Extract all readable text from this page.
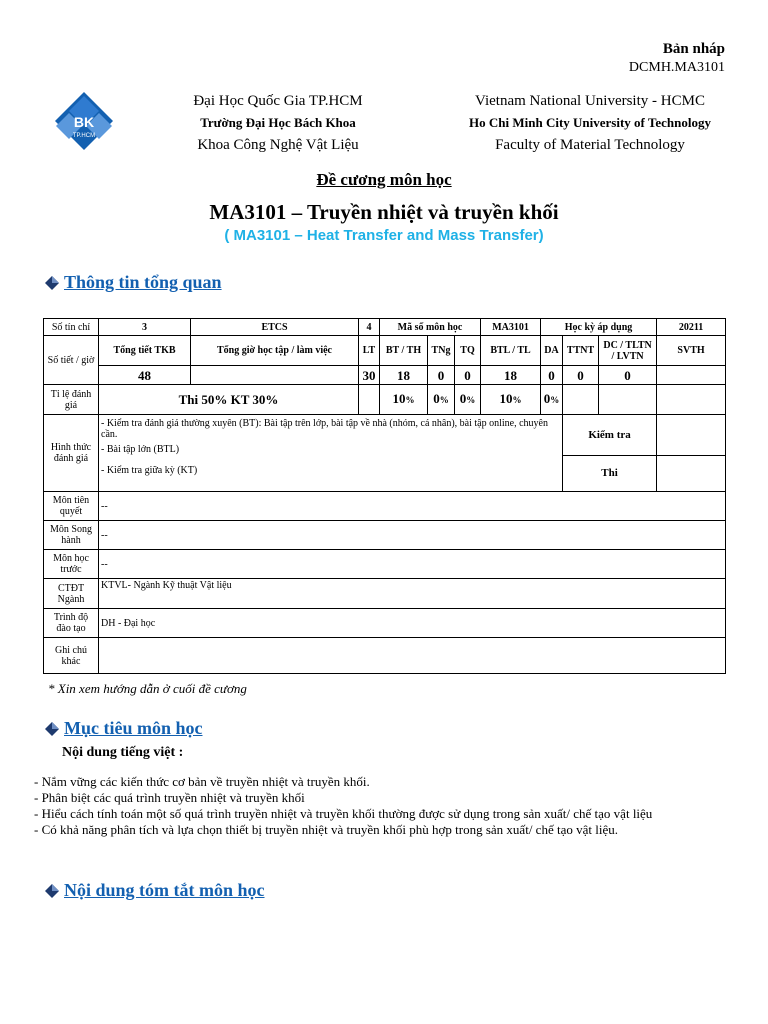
Bản nháp
DCMH.MA3101
BK
TP.HCM
Đại Học Quốc Gia TP.HCM
Trường Đại Học Bách Khoa
Khoa Công Nghệ Vật Liệu
Vietnam National University - HCMC
Ho Chi Minh City University of Technology
Faculty of Material Technology
Đề cương môn học
MA3101 – Truyền nhiệt và truyền khối
( MA3101 – Heat Transfer and Mass Transfer)
Thông tin tổng quan
Số tín chỉ	3	ETCS	4	Mã số môn học			MA3101	Học kỳ áp dụng			20211
Số tiết / giờ	Tổng tiết TKB	Tổng giờ học tập / làm việc	LT	BT / TH	TNg	TQ	BTL / TL	DA	TTNT	DC / TLTN / LVTN	SVTH
	48		30	18	0	0	18	0	0	0	
Tỉ lệ đánh giá	Thi 50% KT 30%			10%	0%	0%	10%	0%			
Hình thức đánh giá	- Kiểm tra đánh giá thường xuyên (BT): Bài tập trên lớp, bài tập về nhà (nhóm, cá nhân), bài tập online, chuyên cần.
- Bài tập lớn (BTL)
- Kiểm tra giữa kỳ (KT)								Kiểm tra		
									Thi		
Môn tiên quyết	--										
Môn Song hành	--										
Môn học trước	--										
CTĐT Ngành	KTVL- Ngành Kỹ thuật Vật liệu										
Trình độ đào tạo	DH - Đại học										
Ghi chú khác											
* Xin xem hướng dẫn ở cuối đề cương
Mục tiêu môn học
Nội dung tiếng việt :
- Nắm vững các kiến thức cơ bản về truyền nhiệt và truyền khối.
- Phân biệt các quá trình truyền nhiệt và truyền khối
- Hiểu cách tính toán một số quá trình truyền nhiệt và truyền khối thường được sử dụng trong sản xuất/ chế tạo vật liệu
- Có khả năng phân tích và lựa chọn thiết bị truyền nhiệt và truyền khối phù hợp trong sản xuất/ chế tạo vật liệu.
Nội dung tóm tắt môn học
